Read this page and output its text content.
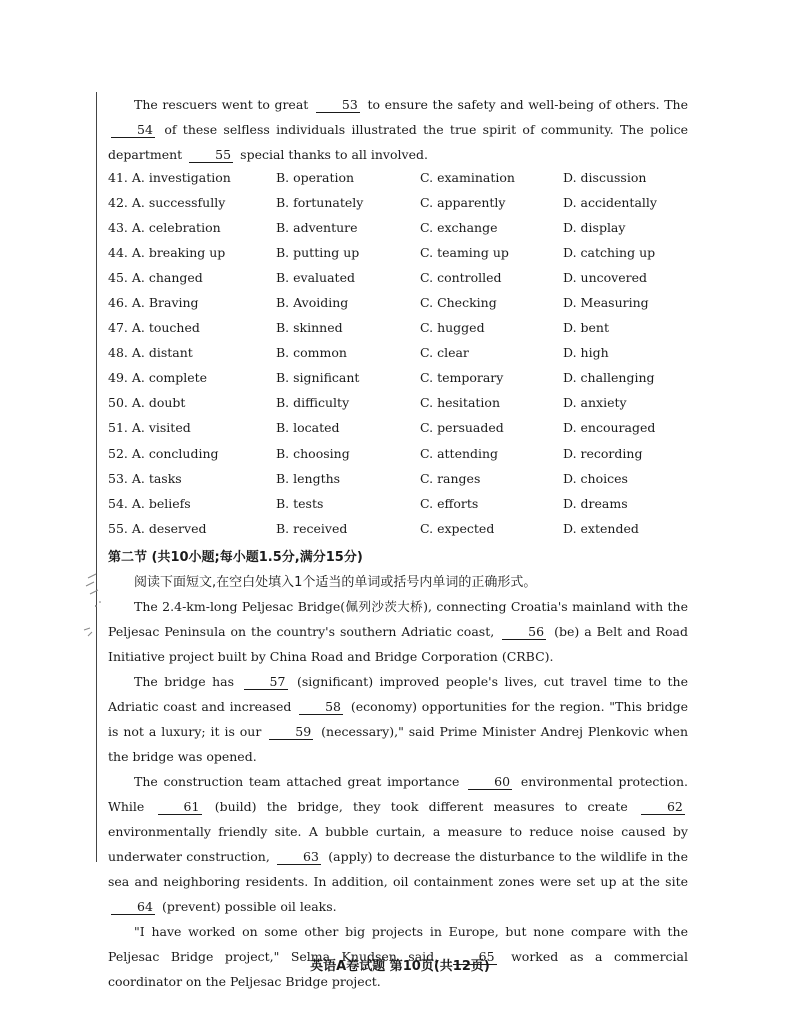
The rescuers went to great	53 to ensure the safety and well-being of others. The 54 of these selfless individuals illustrated the true spirit of community. The police department	55 special thanks to all involved.

41. A. investigation	B. operation	C. examination	D. discussion
42. A. successfully	B. fortunately	C. apparently	D. accidentally
43. A. celebration	B. adventure	C. exchange	D. display
44. A. breaking up	B. putting up	C. teaming up	D. catching up
45. A. changed	B. evaluated	C. controlled	D. uncovered
46. A. Braving	B. Avoiding	C. Checking	D. Measuring
47. A. touched	B. skinned	C. hugged	D. bent
48. A. distant	B. common	C. clear	D. high
49. A. complete	B. significant	C. temporary	D. challenging
50. A. doubt	B. difficulty	C. hesitation	D. anxiety
51. A. visited	B. located	C. persuaded	D. encouraged
52. A. concluding	B. choosing	C. attending	D. recording
53. A. tasks	B. lengths	C. ranges	D. choices
54. A. beliefs	B. tests	C. efforts	D. dreams
55. A. deserved	B. received	C. expected	D. extended
第二节 (共10小题;每小题1.5分,满分15分)
阅读下面短文,在空白处填入1个适当的单词或括号内单词的正确形式。

The 2.4-km-long Peljesac Bridge(佩列沙茨大桥), connecting Croatia's mainland with the Peljesac Peninsula on the country's southern Adriatic coast,	56 (be) a Belt and Road Initiative project built by China Road and Bridge Corporation (CRBC).

The bridge has	57 (significant) improved people's lives, cut travel time to the Adriatic coast and increased	58 (economy) opportunities for the region. "This bridge is not a luxury; it is our	59 (necessary)," said Prime Minister Andrej Plenkovic when the bridge was opened.

The construction team attached great importance	60 environmental protection. While	61 (build) the bridge, they took different measures to create	62 environmentally friendly site. A bubble curtain, a measure to reduce noise caused by underwater construction,	63 (apply) to decrease the disturbance to the wildlife in the sea and neighboring residents. In addition, oil containment zones were set up at the site 64 (prevent) possible oil leaks.

"I have worked on some other big projects in Europe, but none compare with the Peljesac Bridge project," Selma Knudsen said,	65 worked as a commercial coordinator on the Peljesac Bridge project.

英语A卷试题 第10页(共12页)
